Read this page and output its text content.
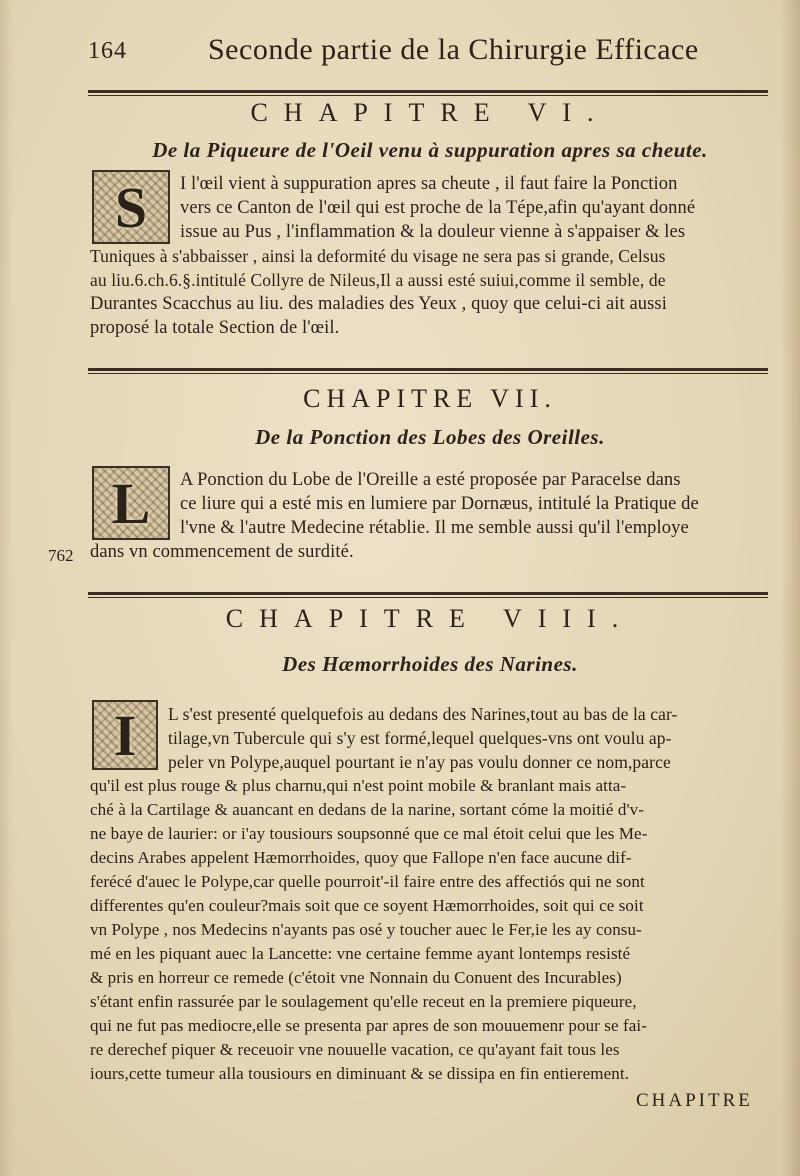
164	Seconde partie de la Chirurgie Efficace
CHAPITRE VI.
De la Piqueure de l'Oeil venu à suppuration apres sa cheute.
S	I l'œil vient à suppuration apres sa cheute , il faut faire la Ponction
vers ce Canton de l'œil qui est proche de la Tépe,afin qu'ayant donné
issue au Pus , l'inflammation & la douleur vienne à s'appaiser & les
Tuniques à s'abbaisser , ainsi la deformité du visage ne sera pas si grande, Celsus
au liu.6.ch.6.§.intitulé Collyre de Nileus,Il a aussi esté suiui,comme il semble, de
Durantes Scacchus au liu. des maladies des Yeux , quoy que celui-ci ait aussi
proposé la totale Section de l'œil.
CHAPITRE VII.
De la Ponction des Lobes des Oreilles.
L	A Ponction du Lobe de l'Oreille a esté proposée par Paracelse dans
ce liure qui a esté mis en lumiere par Dornæus, intitulé la Pratique de
l'vne & l'autre Medecine rétablie. Il me semble aussi qu'il l'employe
dans vn commencement de surdité.
762
CHAPITRE VIII.
Des Hæmorrhoides des Narines.
I	L s'est presenté quelquefois au dedans des Narines,tout au bas de la car-
tilage,vn Tubercule qui s'y est formé,lequel quelques-vns ont voulu ap-
peler vn Polype,auquel pourtant ie n'ay pas voulu donner ce nom,parce
qu'il est plus rouge & plus charnu,qui n'est point mobile & branlant mais atta-
ché à la Cartilage & auancant en dedans de la narine, sortant cóme la moitié d'v-
ne baye de laurier: or i'ay tousiours soupsonné que ce mal étoit celui que les Me-
decins Arabes appelent Hæmorrhoides, quoy que Fallope n'en face aucune dif-
ferécé d'auec le Polype,car quelle pourroit'-il faire entre des affectiós qui ne sont
differentes qu'en couleur?mais soit que ce soyent Hæmorrhoides, soit qui ce soit
vn Polype , nos Medecins n'ayants pas osé y toucher auec le Fer,ie les ay consu-
mé en les piquant auec la Lancette: vne certaine femme ayant lontemps resisté
& pris en horreur ce remede (c'étoit vne Nonnain du Conuent des Incurables)
s'étant enfin rassurée par le soulagement qu'elle receut en la premiere piqueure,
qui ne fut pas mediocre,elle se presenta par apres de son mouuemenr pour se fai-
re derechef piquer & receuoir vne nouuelle vacation, ce qu'ayant fait tous les
iours,cette tumeur alla tousiours en diminuant & se dissipa en fin entierement.
CHAPITRE
